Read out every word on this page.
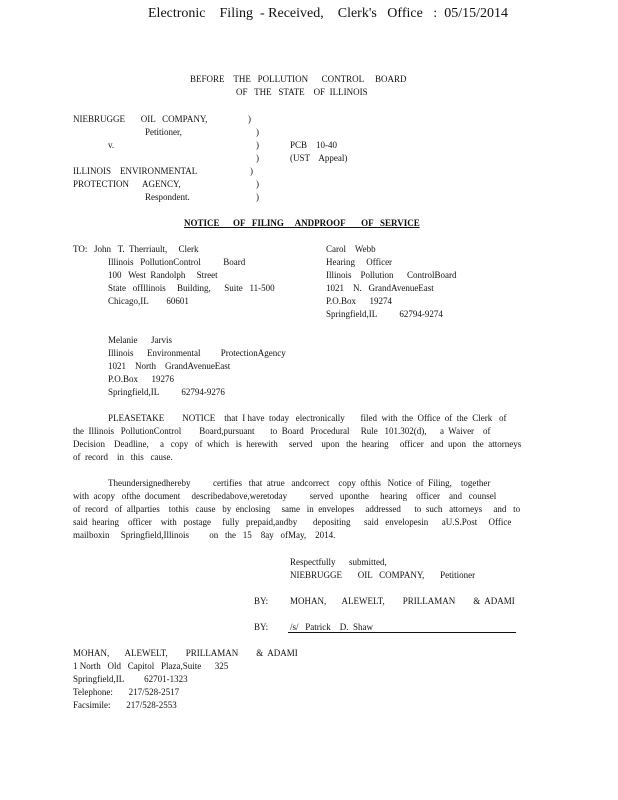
Electronic    Filing  - Received,    Clerk's   Office   :  05/15/2014
BEFORE    THE   POLLUTION      CONTROL     BOARD
OF   THE   STATE    OF  ILLINOIS
NIEBRUGGE       OIL   COMPANY,
Petitioner,
v.
ILLINOIS    ENVIRONMENTAL
PROTECTION      AGENCY,
Respondent.
)
)
)
)
)
)
)
PCB    10-40
(UST    Appeal)
NOTICE      OF   FILING     ANDPROOF       OF   SERVICE
TO: John   T.  Therriault,     Clerk
Illinois   PollutionControl          Board
100   West  Randolph     Street
State   ofIllinois     Building,      Suite   11-500
Chicago,IL        60601
Carol    Webb
Hearing     Officer
Illinois    Pollution      ControlBoard
1021    N.   GrandAvenueEast
P.O.Box      19274
Springfield,IL          62794-9274
Melanie      Jarvis
Illinois      Environmental         ProtectionAgency
1021    North    GrandAvenueEast
P.O.Box      19276
Springfield,IL          62794-9276
PLEASETAKE        NOTICE    that  I have  today   electronically       filed  with  the  Office  of  the  Clerk   of
the  Illinois   PollutionControl        Board,pursuant       to  Board   Procedural     Rule   101.302(d),      a  Waiver    of
Decision    Deadline,     a   copy   of  which   is  herewith     served    upon   the  hearing     officer   and  upon   the  attorneys
of  record    in   this   cause.
Theundersignedhereby          certifies   that  atrue   andcorrect    copy  ofthis   Notice  of  Filing,    together
with  acopy   ofthe  document     describedabove,weretoday          served   uponthe     hearing    officer    and   counsel
of  record   of  allparties    tothis   cause   by  enclosing     same   in  envelopes     addressed      to  such   attorneys     and   to
said  hearing    officer    with   postage     fully   prepaid,andby       depositing      said   envelopesin      aU.S.Post     Office
mailboxin     Springfield,Illinois         on   the   15    8ay   ofMay,    2014.
Respectfully      submitted,
NIEBRUGGE       OIL   COMPANY,       Petitioner
BY: MOHAN,       ALEWELT,        PRILLAMAN        &  ADAMI
BY: /s/   Patrick    D.  Shaw
MOHAN,       ALEWELT,        PRILLAMAN        &  ADAMI
1 North   Old   Capitol   Plaza,Suite      325
Springfield,IL         62701-1323
Telephone:       217/528-2517
Facsimile:       217/528-2553
